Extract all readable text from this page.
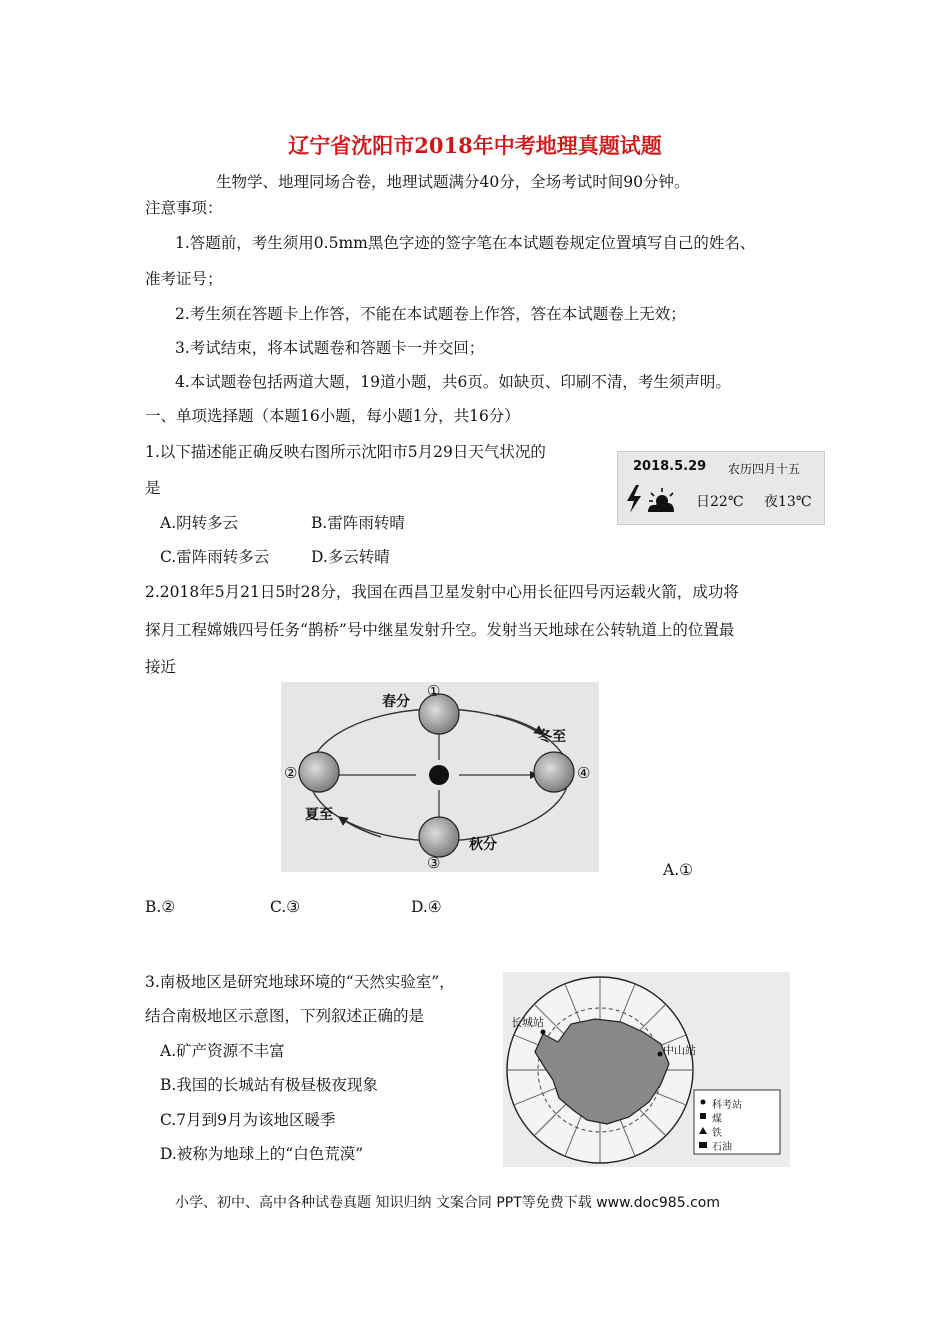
辽宁省沈阳市2018年中考地理真题试题
生物学、地理同场合卷，地理试题满分40分，全场考试时间90分钟。
注意事项：
1.答题前，考生须用0.5mm黑色字迹的签字笔在本试题卷规定位置填写自己的姓名、
准考证号；
2.考生须在答题卡上作答，不能在本试题卷上作答，答在本试题卷上无效；
3.考试结束，将本试题卷和答题卡一并交回；
4.本试题卷包括两道大题，19道小题，共6页。如缺页、印刷不清，考生须声明。
一、单项选择题（本题16小题，每小题1分，共16分）
1.以下描述能正确反映右图所示沈阳市5月29日天气状况的
是
A.阴转多云	B.雷阵雨转晴
C.雷阵雨转多云	D.多云转晴
2018.5.29 农历四月十五
日22℃ 夜13℃
2.2018年5月21日5时28分，我国在西昌卫星发射中心用长征四号丙运载火箭，成功将
探月工程嫦娥四号任务“鹊桥”号中继星发射升空。发射当天地球在公转轨道上的位置最
接近
春分
夏至
秋分
冬至
①
②
③
④
A.①
B.②	C.③	D.④
3.南极地区是研究地球环境的“天然实验室”，
结合南极地区示意图，下列叙述正确的是
A.矿产资源不丰富
B.我国的长城站有极昼极夜现象
C.7月到9月为该地区暖季
D.被称为地球上的“白色荒漠”
长城站
中山站
科考站
煤
铁
石油
小学、初中、高中各种试卷真题 知识归纳 文案合同 PPT等免费下载 www.doc985.com
